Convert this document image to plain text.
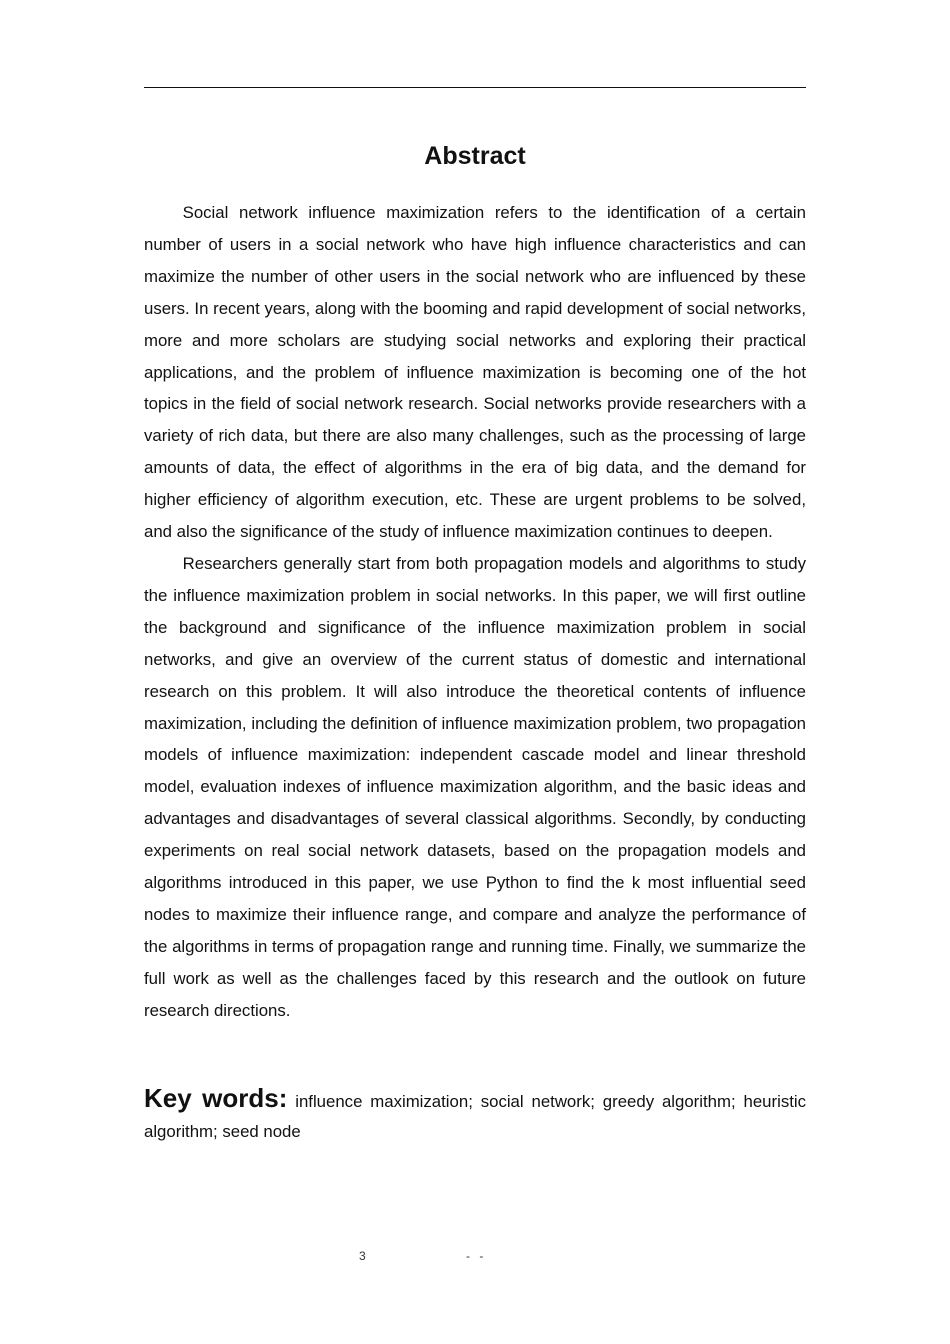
Abstract

Social network influence maximization refers to the identification of a certain number of users in a social network who have high influence characteristics and can maximize the number of other users in the social network who are influenced by these users. In recent years, along with the booming and rapid development of social networks, more and more scholars are studying social networks and exploring their practical applications, and the problem of influence maximization is becoming one of the hot topics in the field of social network research. Social networks provide researchers with a variety of rich data, but there are also many challenges, such as the processing of large amounts of data, the effect of algorithms in the era of big data, and the demand for higher efficiency of algorithm execution, etc. These are urgent problems to be solved, and also the significance of the study of influence maximization continues to deepen.

Researchers generally start from both propagation models and algorithms to study the influence maximization problem in social networks. In this paper, we will first outline the background and significance of the influence maximization problem in social networks, and give an overview of the current status of domestic and international research on this problem. It will also introduce the theoretical contents of influence maximization, including the definition of influence maximization problem, two propagation models of influence maximization: independent cascade model and linear threshold model, evaluation indexes of influence maximization algorithm, and the basic ideas and advantages and disadvantages of several classical algorithms. Secondly, by conducting experiments on real social network datasets, based on the propagation models and algorithms introduced in this paper, we use Python to find the k most influential seed nodes to maximize their influence range, and compare and analyze the performance of the algorithms in terms of propagation range and running time. Finally, we summarize the full work as well as the challenges faced by this research and the outlook on future research directions.

Key words: influence maximization; social network; greedy algorithm; heuristic algorithm; seed node

3	- -
